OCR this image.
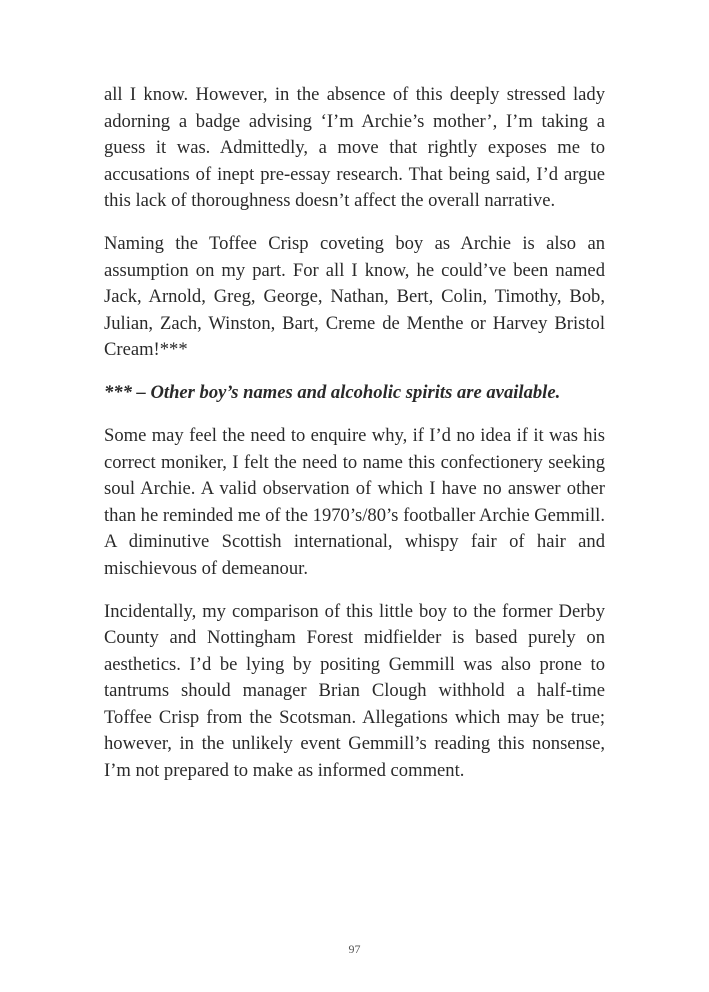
all I know. However, in the absence of this deeply stressed lady adorning a badge advising ‘I’m Archie’s mother’, I’m taking a guess it was. Admittedly, a move that rightly exposes me to accusations of inept pre-essay research. That being said, I’d argue this lack of thoroughness doesn’t affect the overall narrative.

Naming the Toffee Crisp coveting boy as Archie is also an assumption on my part. For all I know, he could’ve been named Jack, Arnold, Greg, George, Nathan, Bert, Colin, Timothy, Bob, Julian, Zach, Winston, Bart, Creme de Menthe or Harvey Bristol Cream!***

*** – Other boy’s names and alcoholic spirits are available.

Some may feel the need to enquire why, if I’d no idea if it was his correct moniker, I felt the need to name this confectionery seeking soul Archie. A valid observation of which I have no answer other than he reminded me of the 1970’s/80’s footballer Archie Gemmill. A diminutive Scottish international, whispy fair of hair and mischievous of demeanour.

Incidentally, my comparison of this little boy to the former Derby County and Nottingham Forest midfielder is based purely on aesthetics. I’d be lying by positing Gemmill was also prone to tantrums should manager Brian Clough withhold a half-time Toffee Crisp from the Scotsman. Allegations which may be true; however, in the unlikely event Gemmill’s reading this nonsense, I’m not prepared to make as informed comment.

97
